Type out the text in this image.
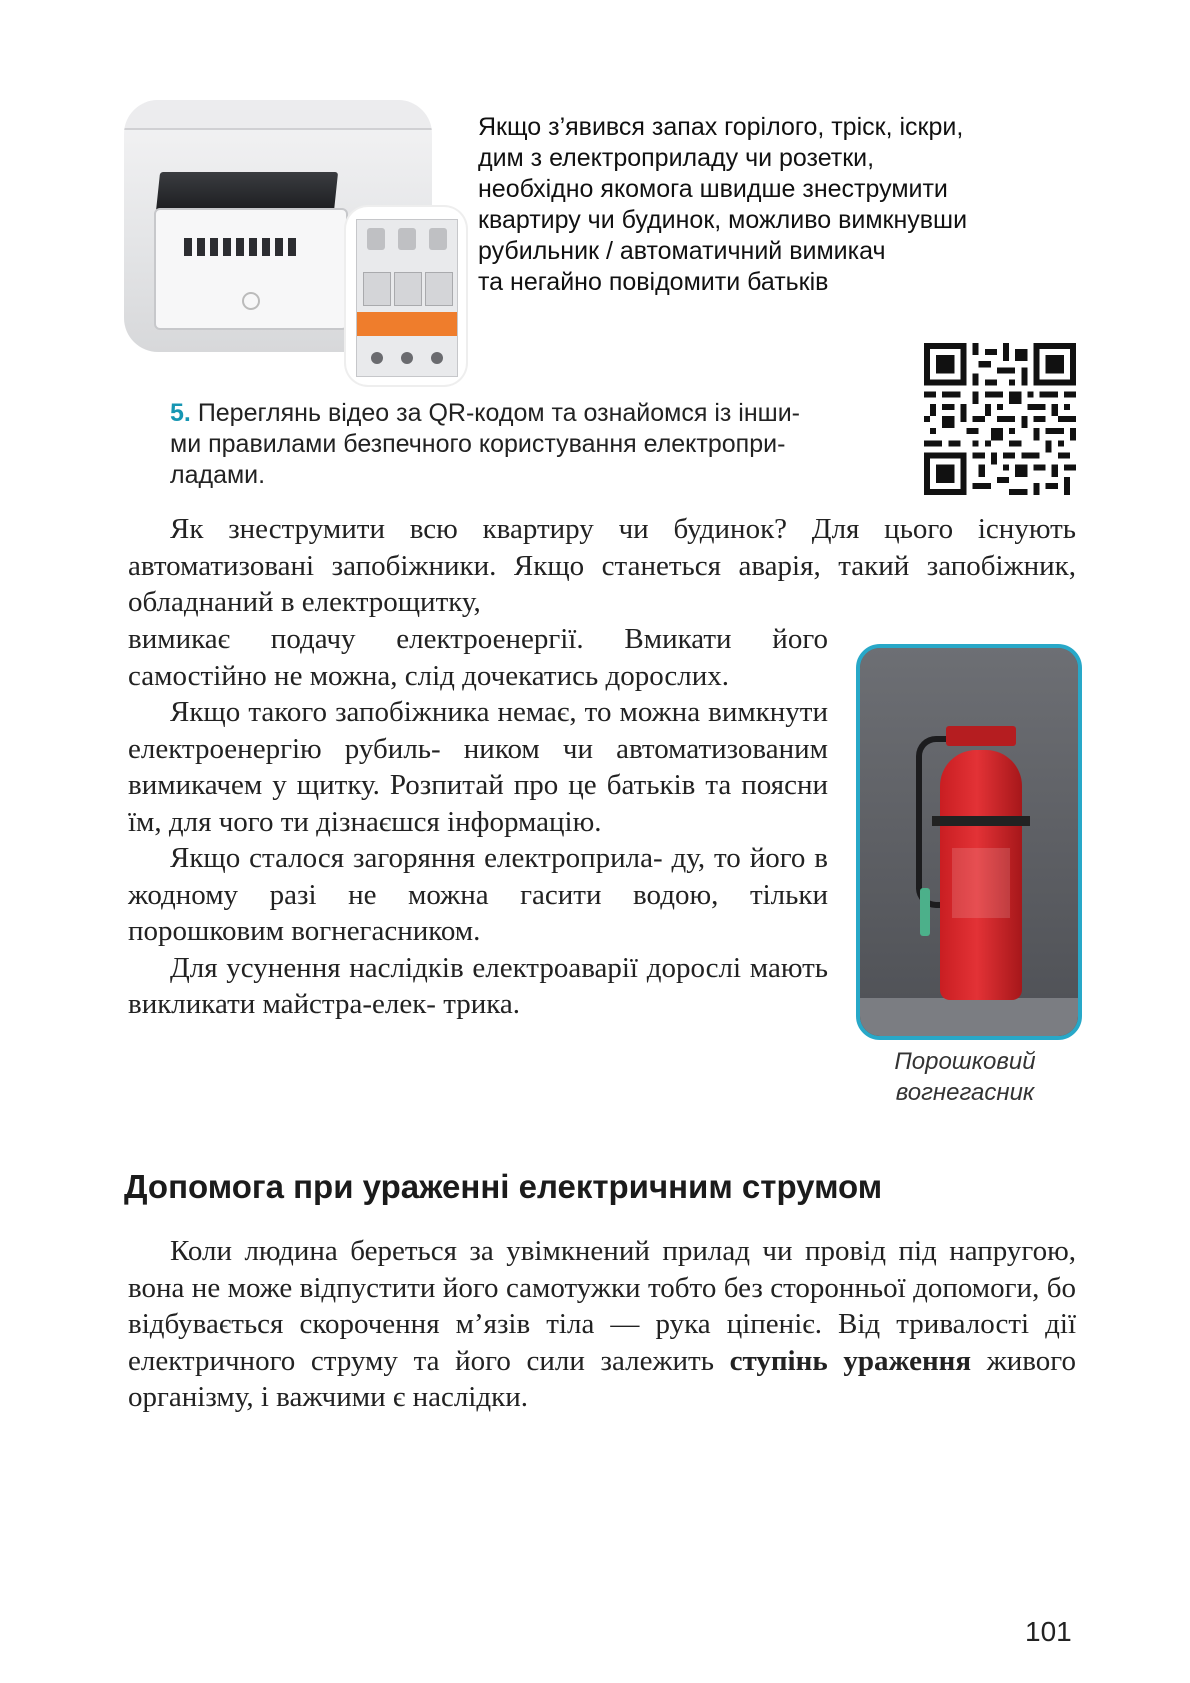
Якщо з’явився запах горілого, тріск, іскри,
дим з електроприладу чи розетки,
необхідно якомога швидше знеструмити
квартиру чи будинок, можливо вимкнувши
рубильник / автоматичний вимикач
та негайно повідомити батьків
5. Переглянь відео за QR-кодом та ознайомся із інши-
ми правилами безпечного користування електропри-
ладами.
Як знеструмити всю квартиру чи будинок? Для цього існують автоматизовані запобіжники. Якщо станеться аварія, такий запобіжник, обладнаний в електрощитку,

вимикає подачу електроенергії. Вмикати його самостійно не можна, слід дочекатись дорослих.

Якщо такого запобіжника немає, то можна вимкнути електроенергію рубиль- ником чи автоматизованим вимикачем у щитку. Розпитай про це батьків та поясни їм, для чого ти дізнаєшся інформацію.

Якщо сталося загоряння електроприла- ду, то його в жодному разі не можна гасити водою, тільки порошковим вогнегасником.

Для усунення наслідків електроаварії дорослі мають викликати майстра-елек- трика.

Порошковий
вогнегасник
Допомога при ураженні електричним струмом

Коли людина береться за увімкнений прилад чи провід під напругою, вона не може відпустити його самотужки тобто без сторонньої допомоги, бо відбувається скорочення м’язів тіла — рука ціпеніє. Від тривалості дії електричного струму та його сили залежить ступінь ураження живого організму, і важчими є наслідки.

101
